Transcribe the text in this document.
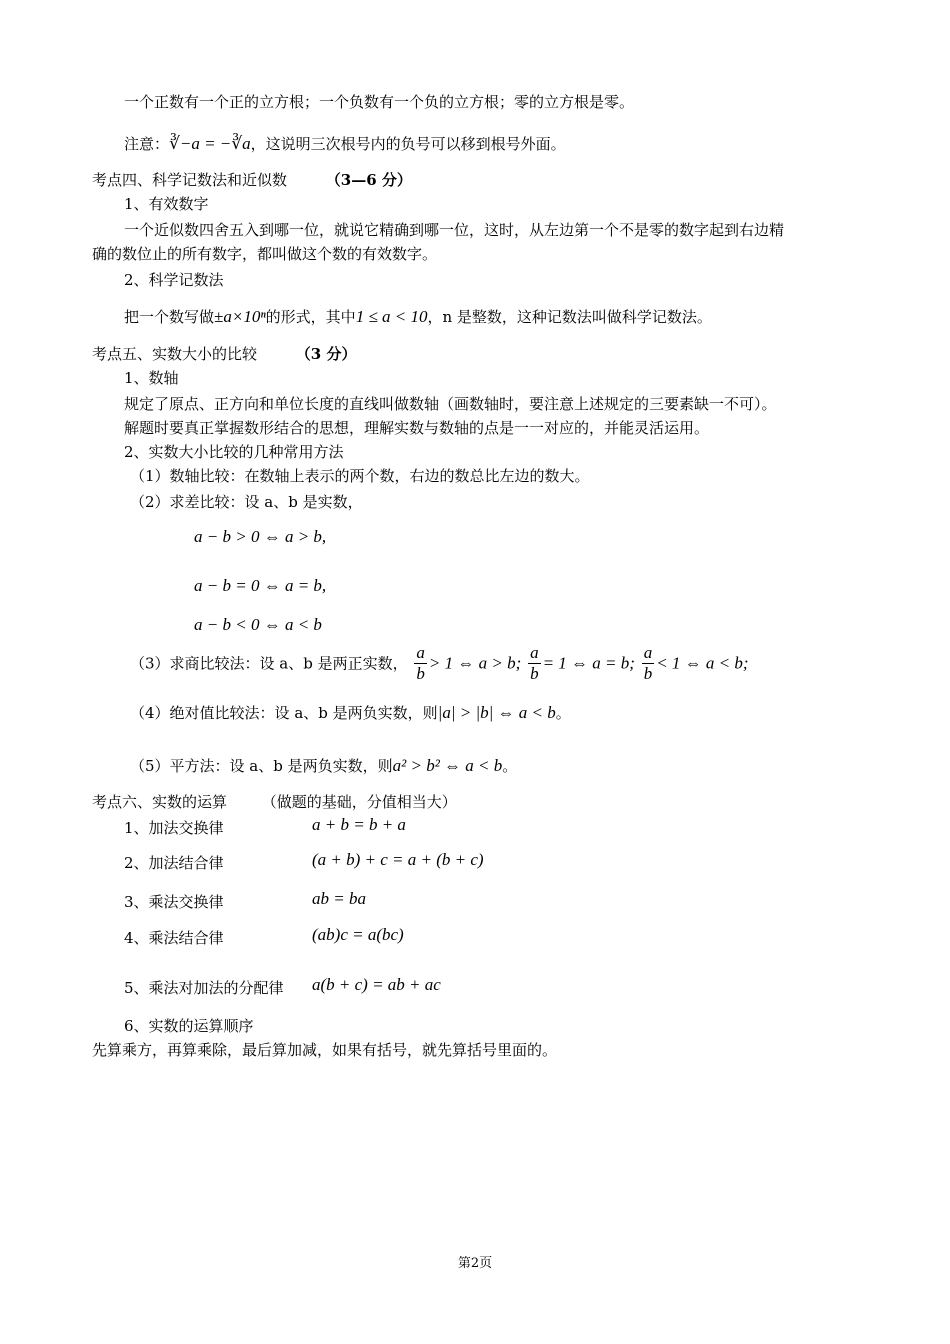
一个正数有一个正的立方根；一个负数有一个负的立方根；零的立方根是零。
注意：∛−a = −∛a，这说明三次根号内的负号可以移到根号外面。
考点四、科学记数法和近似数	（3—6 分）
1、有效数字
一个近似数四舍五入到哪一位，就说它精确到哪一位，这时，从左边第一个不是零的数字起到右边精
确的数位止的所有数字，都叫做这个数的有效数字。
2、科学记数法
把一个数写做±a×10ⁿ的形式，其中1 ≤ a < 10，n 是整数，这种记数法叫做科学记数法。
考点五、实数大小的比较	（3 分）
1、数轴
规定了原点、正方向和单位长度的直线叫做数轴（画数轴时，要注意上述规定的三要素缺一不可）。
解题时要真正掌握数形结合的思想，理解实数与数轴的点是一一对应的，并能灵活运用。
2、实数大小比较的几种常用方法
（1）数轴比较：在数轴上表示的两个数，右边的数总比左边的数大。
（2）求差比较：设 a、b 是实数，
a − b > 0 ⇔ a > b,
a − b = 0 ⇔ a = b,
a − b < 0 ⇔ a < b
（3）求商比较法：设 a、b 是两正实数， $\frac{a}{b} > 1$ ⇔ a > b; $\frac{a}{b} = 1$ ⇔ a = b; $\frac{a}{b} < 1$ ⇔ a < b;
（4）绝对值比较法：设 a、b 是两负实数，则|a| > |b| ⇔ a < b。
（5）平方法：设 a、b 是两负实数，则a² > b² ⇔ a < b。
考点六、实数的运算 （做题的基础，分值相当大）
1、加法交换律	a + b = b + a
2、加法结合律	(a + b) + c = a + (b + c)
3、乘法交换律	ab = ba
4、乘法结合律	(ab)c = a(bc)
5、乘法对加法的分配律 a(b + c) = ab + ac
6、实数的运算顺序
先算乘方，再算乘除，最后算加减，如果有括号，就先算括号里面的。
第2页
